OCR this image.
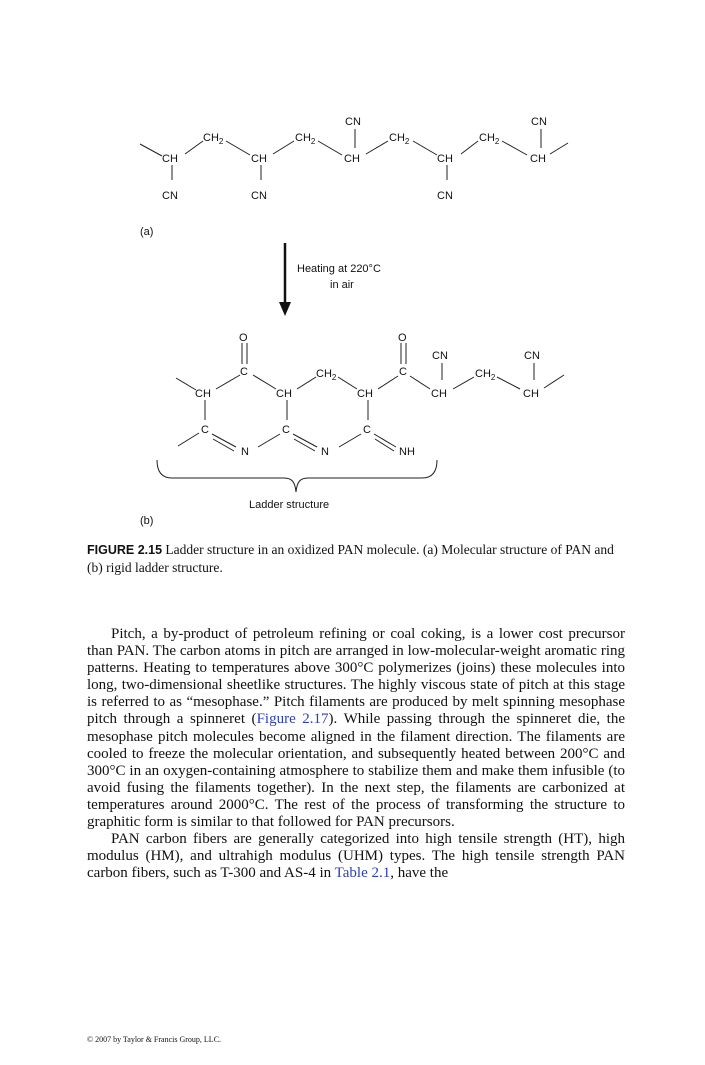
CH
$CH_2$
CH
$CH_2$
CH
$CH_2$
CH
$CH_2$
CH
CN	CN
CN
CN
CN
(a)
Heating at 220°C
in air
O	O
C	C
CN	CN
CH	CH
$CH_2$
CH	CH
$CH_2$
CH
C	C	C
N	N	NH
Ladder structure
(b)
FIGURE 2.15 Ladder structure in an oxidized PAN molecule. (a) Molecular structure of PAN and (b) rigid ladder structure.

Pitch, a by-product of petroleum refining or coal coking, is a lower cost precursor than PAN. The carbon atoms in pitch are arranged in low-molecular-weight aromatic ring patterns. Heating to temperatures above 300°C polymerizes (joins) these molecules into long, two-dimensional sheetlike structures. The highly viscous state of pitch at this stage is referred to as “mesophase.” Pitch filaments are produced by melt spinning mesophase pitch through a spinneret (Figure 2.17). While passing through the spinneret die, the mesophase pitch molecules become aligned in the filament direction. The filaments are cooled to freeze the molecular orientation, and subsequently heated between 200°C and 300°C in an oxygen-containing atmosphere to stabilize them and make them infusible (to avoid fusing the filaments together). In the next step, the filaments are carbonized at temperatures around 2000°C. The rest of the process of transforming the structure to graphitic form is similar to that followed for PAN precursors.

PAN carbon fibers are generally categorized into high tensile strength (HT), high modulus (HM), and ultrahigh modulus (UHM) types. The high tensile strength PAN carbon fibers, such as T-300 and AS-4 in Table 2.1, have the

© 2007 by Taylor & Francis Group, LLC.
